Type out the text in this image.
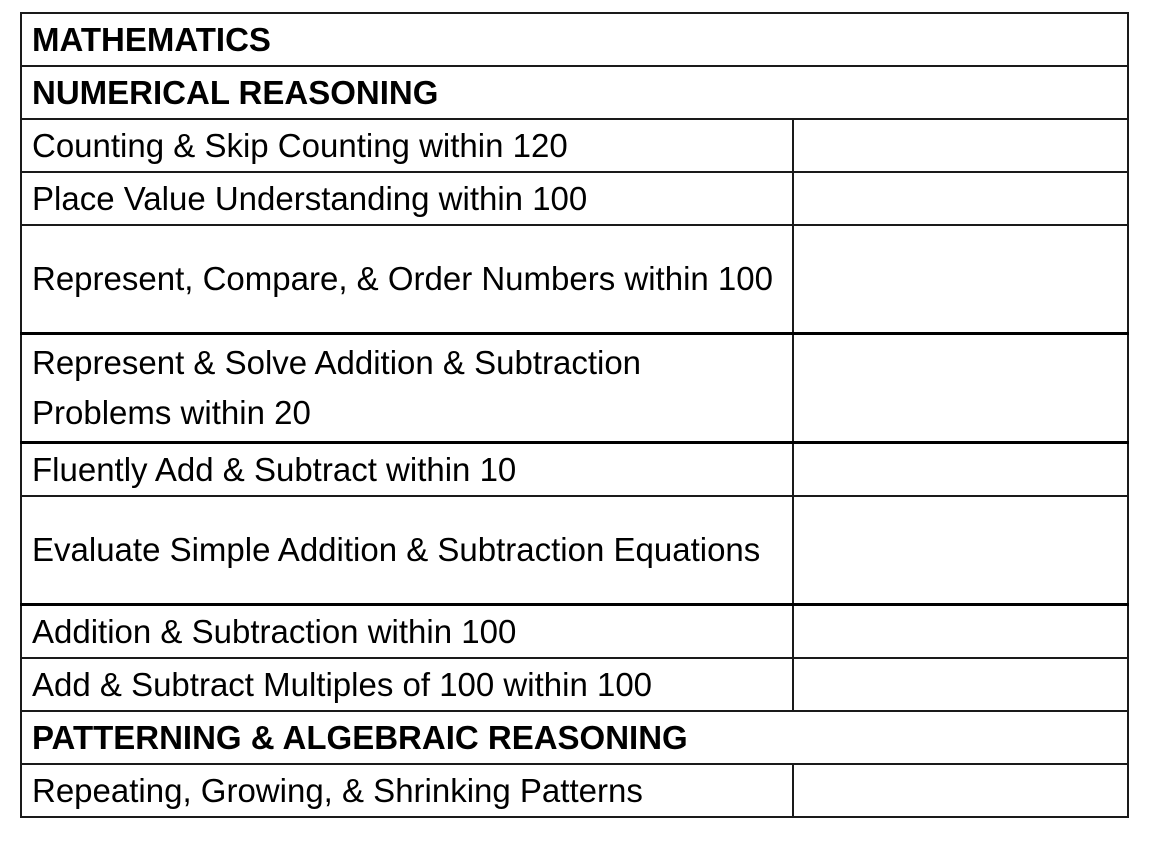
MATHEMATICS	
NUMERICAL REASONING	
Counting & Skip Counting within 120	
Place Value Understanding within 100	
Represent, Compare, & Order Numbers within 100	
Represent & Solve Addition & Subtraction Problems within 20	
Fluently Add & Subtract within 10	
Evaluate Simple Addition & Subtraction Equations	
Addition & Subtraction within 100	
Add & Subtract Multiples of 100 within 100	
PATTERNING & ALGEBRAIC REASONING	
Repeating, Growing, & Shrinking Patterns	
